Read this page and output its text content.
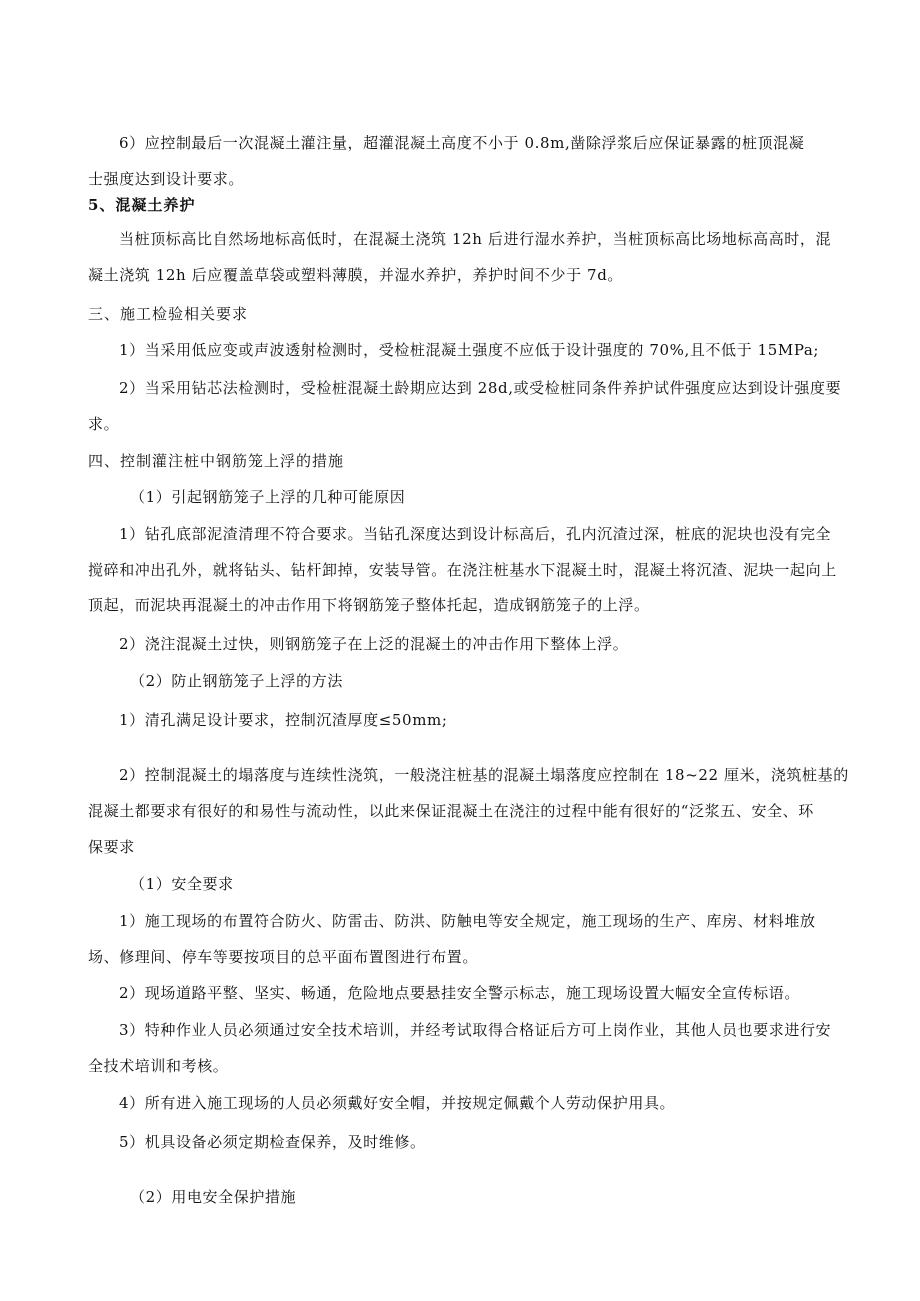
6）应控制最后一次混凝土灌注量，超灌混凝土高度不小于 0.8m,凿除浮浆后应保证暴露的桩顶混凝

士强度达到设计要求。

5、混凝土养护

当桩顶标高比自然场地标高低时，在混凝土浇筑 12h 后进行湿水养护，当桩顶标高比场地标高高时，混

凝土浇筑 12h 后应覆盖草袋或塑料薄膜，并湿水养护，养护时间不少于 7d。

三、施工检验相关要求

1）当采用低应变或声波透射检测时，受检桩混凝土强度不应低于设计强度的 70%,且不低于 15MPa;

2）当采用钻芯法检测时，受检桩混凝土龄期应达到 28d,或受检桩同条件养护试件强度应达到设计强度要

求。

四、控制灌注桩中钢筋笼上浮的措施

（1）引起钢筋笼子上浮的几种可能原因

1）钻孔底部泥渣清理不符合要求。当钻孔深度达到设计标高后，孔内沉渣过深，桩底的泥块也没有完全

搅碎和冲出孔外，就将钻头、钻杆卸掉，安装导管。在浇注桩基水下混凝土时，混凝土将沉渣、泥块一起向上

顶起，而泥块再混凝土的冲击作用下将钢筋笼子整体托起，造成钢筋笼子的上浮。

2）浇注混凝土过快，则钢筋笼子在上泛的混凝土的冲击作用下整体上浮。

（2）防止钢筋笼子上浮的方法

1）清孔满足设计要求，控制沉渣厚度≤50mm;

2）控制混凝土的塌落度与连续性浇筑，一般浇注桩基的混凝土塌落度应控制在 18~22 厘米，浇筑桩基的

混凝土都要求有很好的和易性与流动性，以此来保证混凝土在浇注的过程中能有很好的“泛浆五、安全、环

保要求

（1）安全要求

1）施工现场的布置符合防火、防雷击、防洪、防触电等安全规定，施工现场的生产、库房、材料堆放

场、修理间、停车等要按项目的总平面布置图进行布置。

2）现场道路平整、坚实、畅通，危险地点要悬挂安全警示标志，施工现场设置大幅安全宣传标语。

3）特种作业人员必须通过安全技术培训，并经考试取得合格证后方可上岗作业，其他人员也要求进行安

全技术培训和考核。

4）所有进入施工现场的人员必须戴好安全帽，并按规定佩戴个人劳动保护用具。

5）机具设备必须定期检查保养，及时维修。

（2）用电安全保护措施
